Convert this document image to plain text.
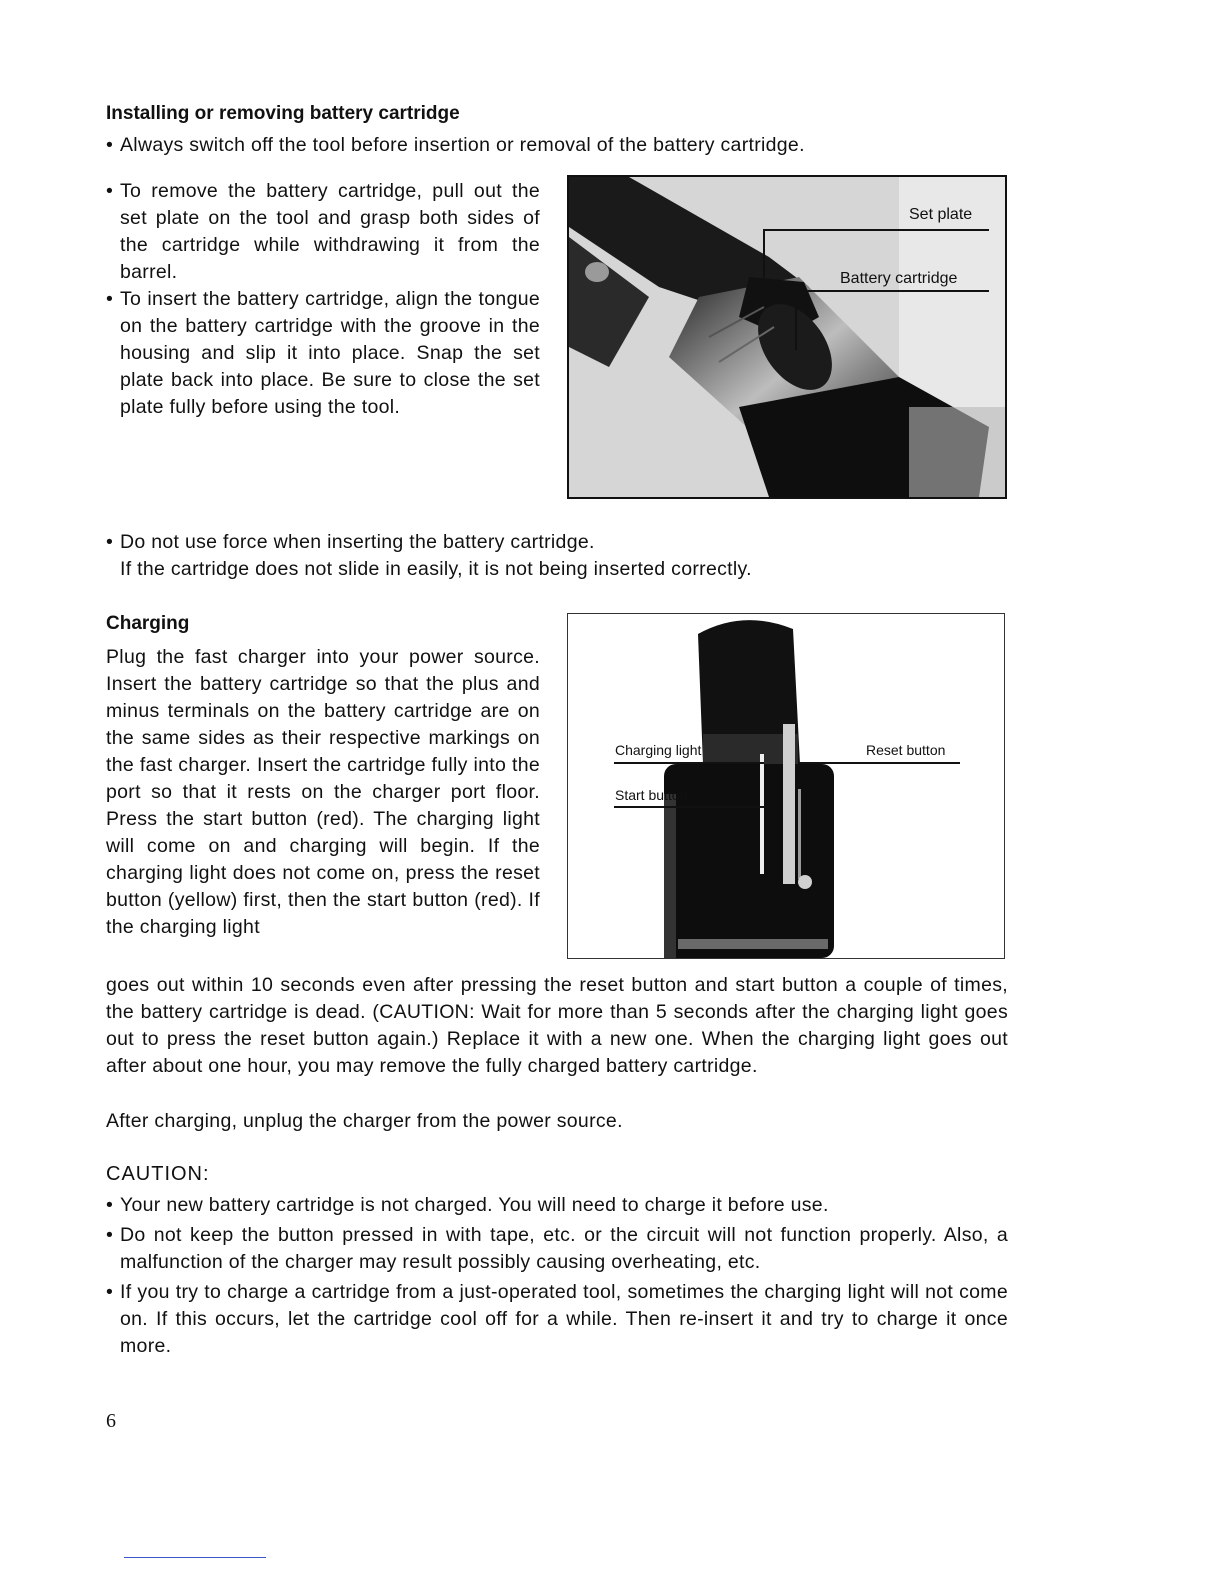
Installing or removing battery cartridge
• Always switch off the tool before insertion or removal of the battery cartridge.
• To remove the battery cartridge, pull out the set plate on the tool and grasp both sides of the cartridge while withdrawing it from the barrel.
• To insert the battery cartridge, align the tongue on the battery cartridge with the groove in the housing and slip it into place. Snap the set plate back into place. Be sure to close the set plate fully before using the tool.
Set plate
Battery cartridge
• Do not use force when inserting the battery cartridge.
If the cartridge does not slide in easily, it is not being inserted correctly.
Charging
Plug the fast charger into your power source. Insert the battery cartridge so that the plus and minus terminals on the battery cartridge are on the same sides as their respective markings on the fast charger. Insert the cartridge fully into the port so that it rests on the charger port floor. Press the start button (red). The charging light will come on and charging will begin. If the charging light does not come on, press the reset button (yellow) first, then the start button (red). If the charging light
Charging light
Start button
Reset button
goes out within 10 seconds even after pressing the reset button and start button a couple of times, the battery cartridge is dead. (CAUTION: Wait for more than 5 seconds after the charging light goes out to press the reset button again.) Replace it with a new one. When the charging light goes out after about one hour, you may remove the fully charged battery cartridge.
After charging, unplug the charger from the power source.
CAUTION:
• Your new battery cartridge is not charged. You will need to charge it before use.
• Do not keep the button pressed in with tape, etc. or the circuit will not function properly. Also, a malfunction of the charger may result possibly causing overheating, etc.
• If you try to charge a cartridge from a just-operated tool, sometimes the charging light will not come on. If this occurs, let the cartridge cool off for a while. Then re-insert it and try to charge it once more.
6
